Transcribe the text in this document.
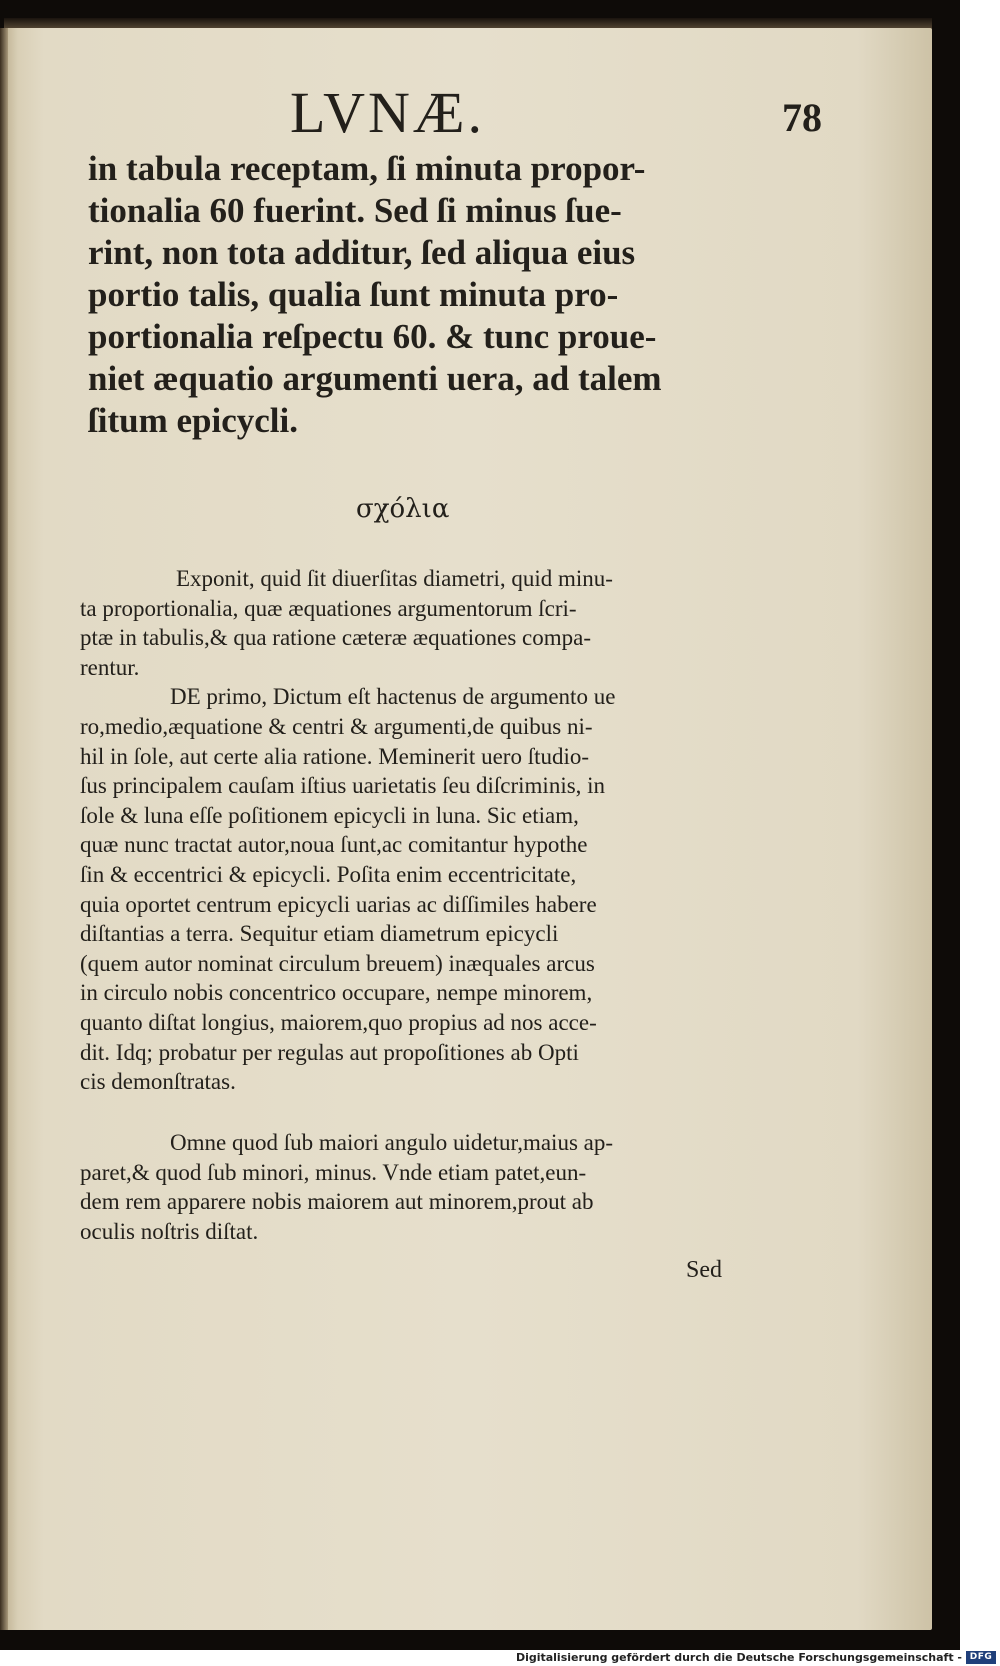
LVNÆ.	78
in tabula receptam, ſi minuta propor-
tionalia 60 fuerint. Sed ſi minus ſue-
rint, non tota additur, ſed aliqua eius
portio talis, qualia ſunt minuta pro-
portionalia reſpectu 60. & tunc proue-
niet æquatio argumenti uera, ad talem
ſitum epicycli.
σχόλια
Exponit, quid ſit diuerſitas diametri, quid minu-
ta proportionalia, quæ æquationes argumentorum ſcri-
ptæ in tabulis,& qua ratione cæteræ æquationes compa-
rentur.
DE primo, Dictum eſt hactenus de argumento ue
ro,medio,æquatione & centri & argumenti,de quibus ni-
hil in ſole, aut certe alia ratione. Meminerit uero ſtudio-
ſus principalem cauſam iſtius uarietatis ſeu diſcriminis, in
ſole & luna eſſe poſitionem epicycli in luna. Sic etiam,
quæ nunc tractat autor,noua ſunt,ac comitantur hypothe
ſin & eccentrici & epicycli. Poſita enim eccentricitate,
quia oportet centrum epicycli uarias ac diſſimiles habere
diſtantias a terra. Sequitur etiam diametrum epicycli
(quem autor nominat circulum breuem) inæquales arcus
in circulo nobis concentrico occupare, nempe minorem,
quanto diſtat longius, maiorem,quo propius ad nos acce-
dit. Idq; probatur per regulas aut propoſitiones ab Opti
cis demonſtratas.
Omne quod ſub maiori angulo uidetur,maius ap-
paret,& quod ſub minori, minus. Vnde etiam patet,eun-
dem rem apparere nobis maiorem aut minorem,prout ab
oculis noſtris diſtat.
Sed
Digitalisierung gefördert durch die Deutsche Forschungsgemeinschaft - DFG
